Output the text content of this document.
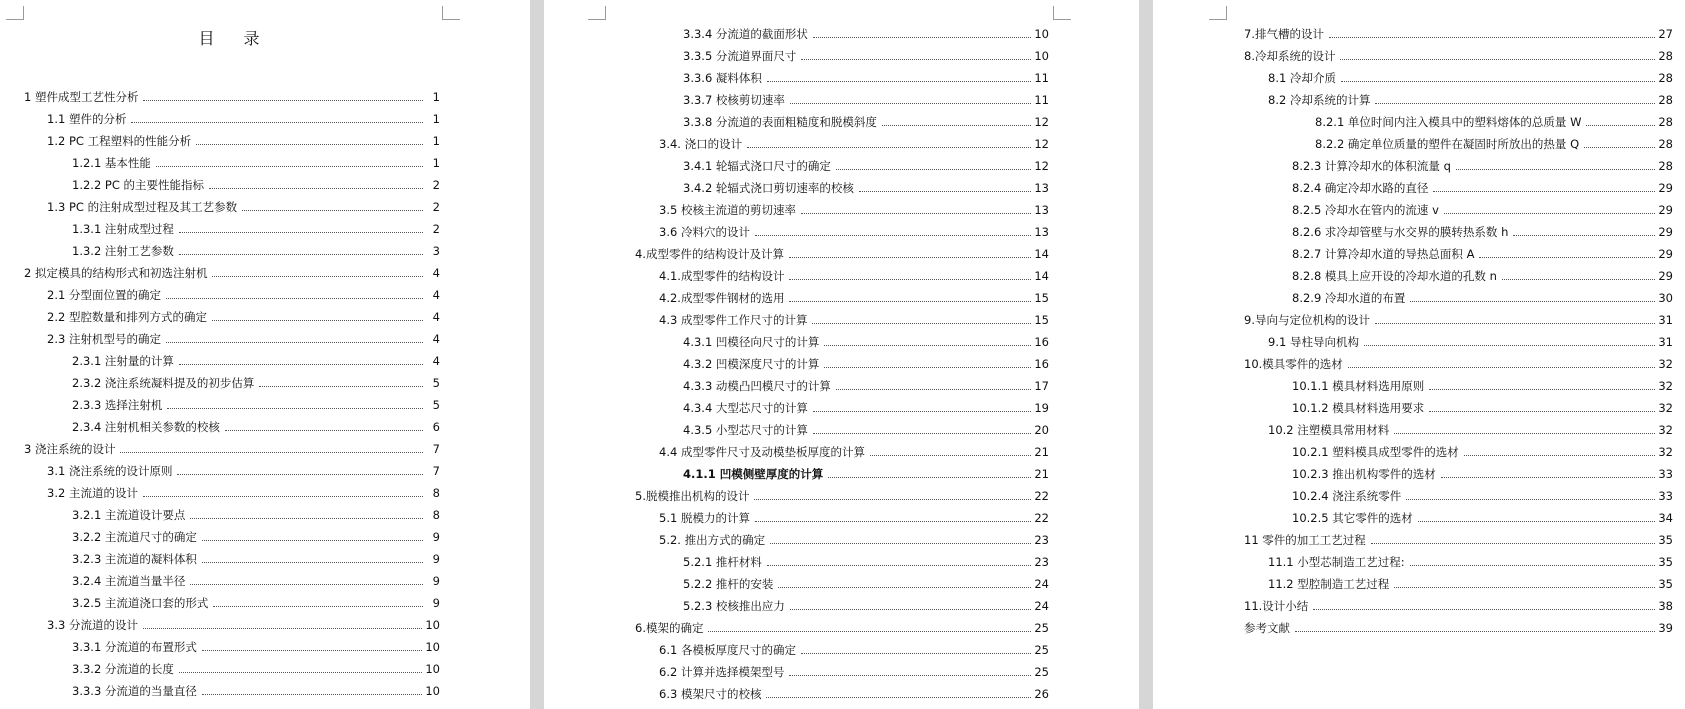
目 录
1 塑件成型工艺性分析	1
1.1 塑件的分析	1
1.2 PC 工程塑料的性能分析	1
1.2.1 基本性能	1
1.2.2 PC 的主要性能指标	2
1.3 PC 的注射成型过程及其工艺参数	2
1.3.1 注射成型过程	2
1.3.2 注射工艺参数	3
2 拟定模具的结构形式和初选注射机	4
2.1 分型面位置的确定	4
2.2 型腔数量和排列方式的确定	4
2.3 注射机型号的确定	4
2.3.1 注射量的计算	4
2.3.2 浇注系统凝料提及的初步估算	5
2.3.3 选择注射机	5
2.3.4 注射机相关参数的校核	6
3 浇注系统的设计	7
3.1 浇注系统的设计原则	7
3.2 主流道的设计	8
3.2.1 主流道设计要点	8
3.2.2 主流道尺寸的确定	9
3.2.3 主流道的凝料体积	9
3.2.4 主流道当量半径	9
3.2.5 主流道浇口套的形式	9
3.3 分流道的设计	10
3.3.1 分流道的布置形式	10
3.3.2 分流道的长度	10
3.3.3 分流道的当量直径	10
3.3.4 分流道的截面形状	10
3.3.5 分流道界面尺寸	10
3.3.6 凝料体积	11
3.3.7 校核剪切速率	11
3.3.8 分流道的表面粗糙度和脱模斜度	12
3.4. 浇口的设计	12
3.4.1 轮辐式浇口尺寸的确定	12
3.4.2 轮辐式浇口剪切速率的校核	13
3.5 校核主流道的剪切速率	13
3.6 冷料穴的设计	13
4.成型零件的结构设计及计算	14
4.1.成型零件的结构设计	14
4.2.成型零件钢材的选用	15
4.3 成型零件工作尺寸的计算	15
4.3.1 凹模径向尺寸的计算	16
4.3.2 凹模深度尺寸的计算	16
4.3.3 动模凸凹模尺寸的计算	17
4.3.4 大型芯尺寸的计算	19
4.3.5 小型芯尺寸的计算	20
4.4 成型零件尺寸及动模垫板厚度的计算	21
4.1.1 凹模侧壁厚度的计算	21
5.脱模推出机构的设计	22
5.1 脱模力的计算	22
5.2. 推出方式的确定	23
5.2.1 推杆材料	23
5.2.2 推杆的安装	24
5.2.3 校核推出应力	24
6.模架的确定	25
6.1 各模板厚度尺寸的确定	25
6.2 计算并选择模架型号	25
6.3 模架尺寸的校核	26
7.排气槽的设计	27
8.冷却系统的设计	28
8.1 冷却介质	28
8.2 冷却系统的计算	28
8.2.1 单位时间内注入模具中的塑料熔体的总质量 W	28
8.2.2 确定单位质量的塑件在凝固时所放出的热量 Q	28
8.2.3 计算冷却水的体积流量 q	28
8.2.4 确定冷却水路的直径	29
8.2.5 冷却水在管内的流速 v	29
8.2.6 求冷却管壁与水交界的膜转热系数 h	29
8.2.7 计算冷却水道的导热总面积 A	29
8.2.8 模具上应开设的冷却水道的孔数 n	29
8.2.9 冷却水道的布置	30
9.导向与定位机构的设计	31
9.1 导柱导向机构	31
10.模具零件的选材	32
10.1.1 模具材料选用原则	32
10.1.2 模具材料选用要求	32
10.2 注塑模具常用材料	32
10.2.1 塑料模具成型零件的选材	32
10.2.3 推出机构零件的选材	33
10.2.4 浇注系统零件	33
10.2.5 其它零件的选材	34
11 零件的加工工艺过程	35
11.1 小型芯制造工艺过程:	35
11.2 型腔制造工艺过程	35
11.设计小结	38
参考文献	39
